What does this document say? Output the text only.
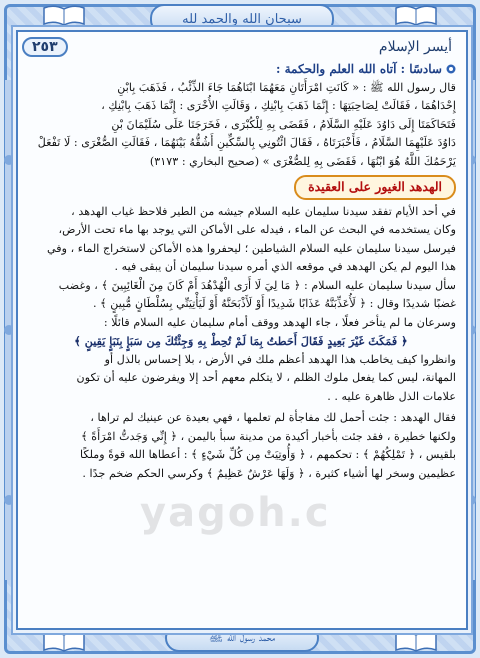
سبحان الله والحمد لله
محمد رسول الله ﷺ
٢٥٣	أيسر الإسلام
سادسًا : آتاه الله العلم والحكمة :

قال رسول الله ﷺ : « كَانَتِ امْرَأَتَانِ مَعَهُمَا ابْنَاهُمَا جَاءَ الذِّئْبُ ، فَذَهَبَ بِابْنِ

إِحْدَاهُمَا ، فَقَالَتْ لِصَاحِبَتِهَا : إِنَّمَا ذَهَبَ بِابْنِكِ ، وَقَالَتِ الأُخْرَى : إِنَّمَا ذَهَبَ بِابْنِكِ ،

فَتَحَاكَمَتَا إِلَى دَاوُدَ عَلَيْهِ السَّلَامُ ، فَقَضَى بِهِ لِلْكُبْرَى ، فَخَرَجَتَا عَلَى سُلَيْمَانَ بْنِ

دَاوُدَ عَلَيْهِمَا السَّلَامُ ، فَأَخْبَرَتَاهُ ، فَقَالَ ائْتُونِي بِالسِّكِّينِ أَشُقُّهُ بَيْنَهُمَا ، فَقَالَتِ الصُّغْرَى : لَا تَفْعَلْ

يَرْحَمُكَ اللَّهُ هُوَ ابْنُهَا ، فَقَضَى بِهِ لِلصُّغْرَى » (صحيح البخاري : ٣١٧٣)

الهدهد الغيور على العقيدة

في أحد الأيام تفقد سيدنا سليمان عليه السلام جيشه من الطير فلاحظ غياب الهدهد ،

وكان يستخدمه في البحث عن الماء ، فيدله على الأماكن التي يوجد بها ماء تحت الأرض،

فيرسل سيدنا سليمان عليه السلام الشياطين ؛ ليحفروا هذه الأماكن لاستخراج الماء ، وفي

هذا اليوم لم يكن الهدهد في موقعه الذي أمره سيدنا سليمان أن يبقى فيه .

سأل سيدنا سليمان عليه السلام : ﴿ مَا لِيَ لَا أَرَى الْهُدْهُدَ أَمْ كَانَ مِنَ الْغَائِبِينَ ﴾ ، وغضب

غضبًا شديدًا وقال : ﴿ لَأُعَذِّبَنَّهُ عَذَابًا شَدِيدًا أَوْ لَأَذْبَحَنَّهُ أَوْ لَيَأْتِيَنِّي بِسُلْطَانٍ مُّبِينٍ ﴾ .

وسرعان ما لم يتأخر فعلًا ، جاء الهدهد ووقف أمام سليمان عليه السلام قائلًا :

﴿ فَمَكَثَ غَيْرَ بَعِيدٍ فَقَالَ أَحَطتُ بِمَا لَمْ تُحِطْ بِهِ وَجِئْتُكَ مِن سَبَإٍ بِنَبَإٍ يَقِينٍ ﴾

وانظروا كيف يخاطب هذا الهدهد أعظم ملك في الأرض ، بلا إحساس بالذل أو

المهانة، ليس كما يفعل ملوك الظلم ، لا يتكلم معهم أحد إلا ويفرضون عليه أن تكون

علامات الذل ظاهرة عليه . .

فقال الهدهد : جئت أحمل لك مفاجأة لم تعلمها ، فهي بعيدة عن عينيك لم تراها ،

ولكنها خطيرة ، فقد جئت بأخبار أكيدة من مدينة سبأ باليمن ، ﴿ إِنِّي وَجَدتُّ امْرَأَةً ﴾

بلقيس ، ﴿ تَمْلِكُهُمْ ﴾ : تحكمهم ، ﴿ وَأُوتِيَتْ مِن كُلِّ شَيْءٍ ﴾ : أعطاها الله قوةً وملكًا

عظيمين وسخر لها أشياء كثيرة ، ﴿ وَلَهَا عَرْشٌ عَظِيمٌ ﴾ وكرسي الحكم ضخم جدًا .

yagoh.c
